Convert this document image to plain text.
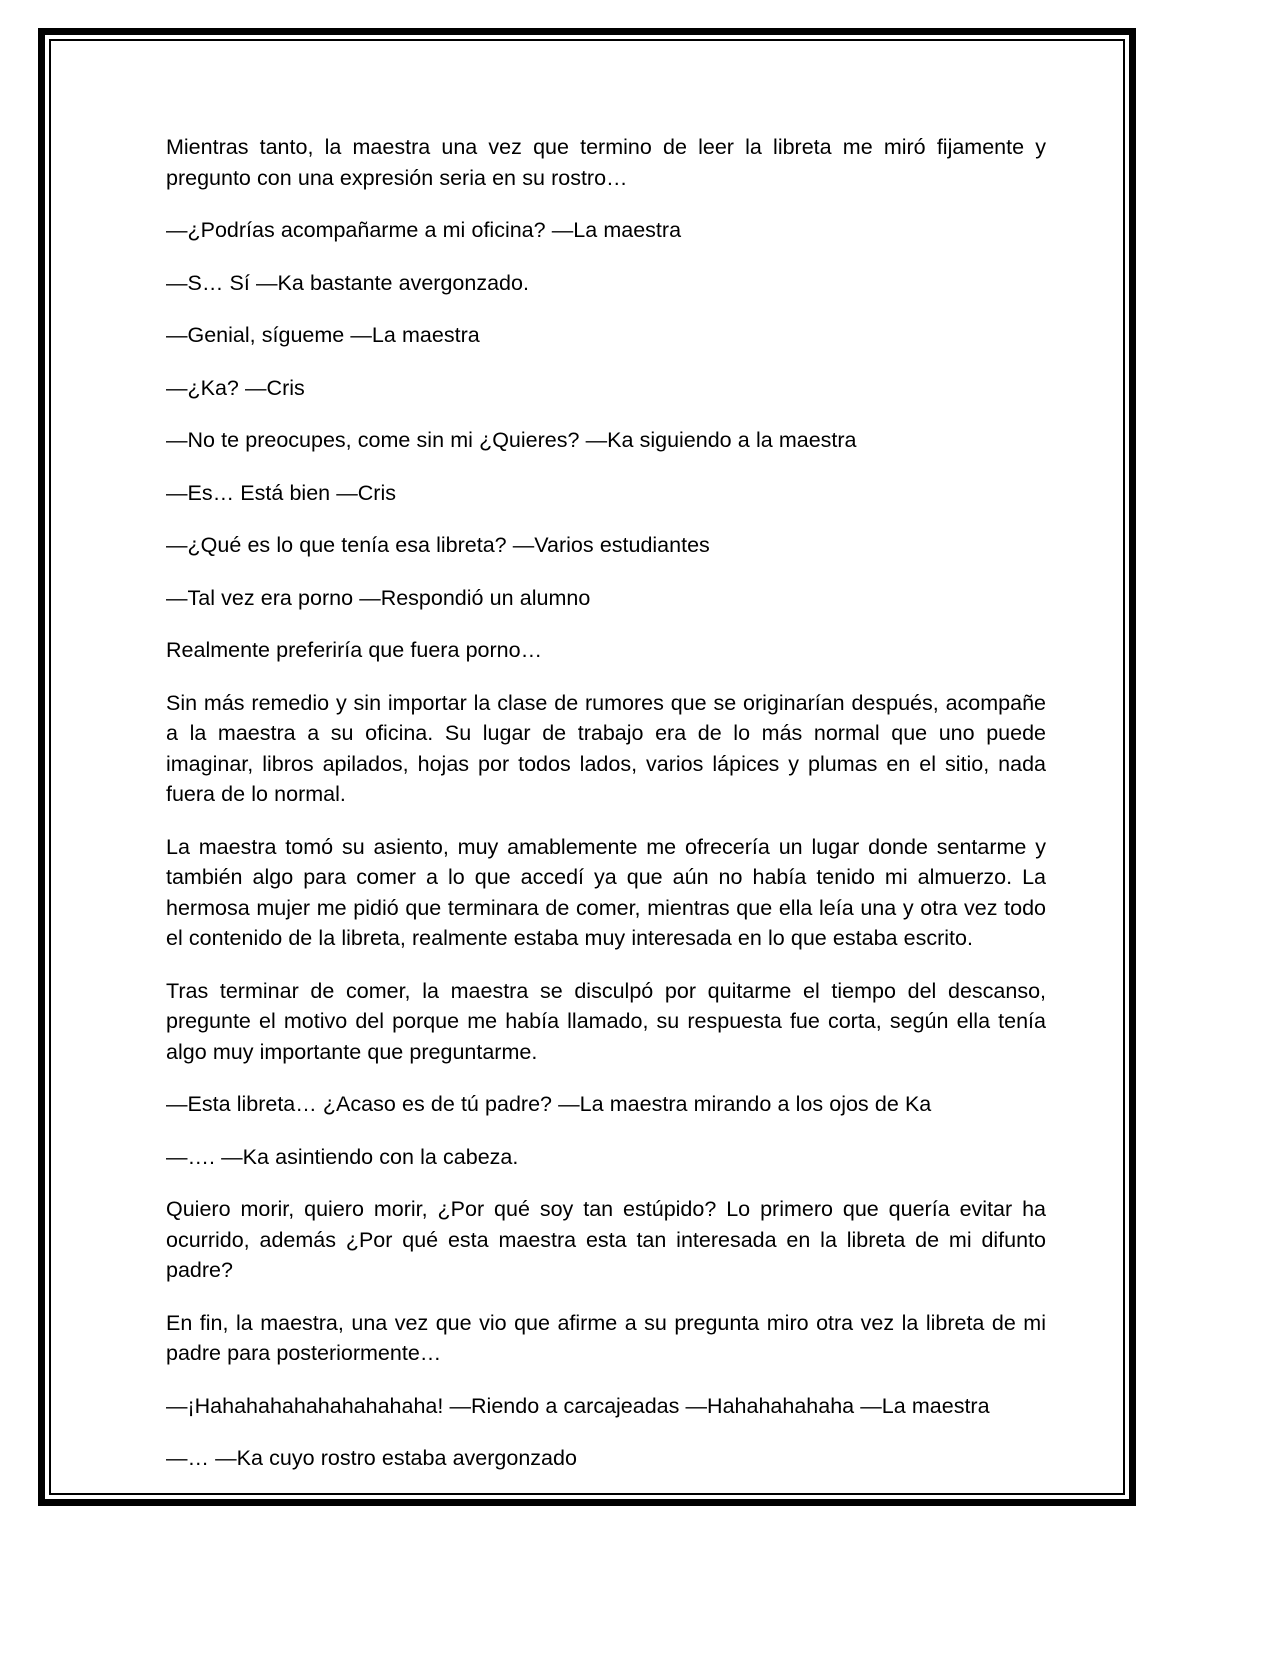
Mientras tanto, la maestra una vez que termino de leer la libreta me miró fijamente y pregunto con una expresión seria en su rostro…

—¿Podrías acompañarme a mi oficina? —La maestra

—S… Sí —Ka bastante avergonzado.

—Genial, sígueme —La maestra

—¿Ka? —Cris

—No te preocupes, come sin mi ¿Quieres? —Ka siguiendo a la maestra

—Es… Está bien —Cris

—¿Qué es lo que tenía esa libreta? —Varios estudiantes

—Tal vez era porno —Respondió un alumno

Realmente preferiría que fuera porno…

Sin más remedio y sin importar la clase de rumores que se originarían después, acompañe a la maestra a su oficina. Su lugar de trabajo era de lo más normal que uno puede imaginar, libros apilados, hojas por todos lados, varios lápices y plumas en el sitio, nada fuera de lo normal.

La maestra tomó su asiento, muy amablemente me ofrecería un lugar donde sentarme y también algo para comer a lo que accedí ya que aún no había tenido mi almuerzo. La hermosa mujer me pidió que terminara de comer, mientras que ella leía una y otra vez todo el contenido de la libreta, realmente estaba muy interesada en lo que estaba escrito.

Tras terminar de comer, la maestra se disculpó por quitarme el tiempo del descanso, pregunte el motivo del porque me había llamado, su respuesta fue corta, según ella tenía algo muy importante que preguntarme.

—Esta libreta… ¿Acaso es de tú padre? —La maestra mirando a los ojos de Ka

—…. —Ka asintiendo con la cabeza.

Quiero morir, quiero morir, ¿Por qué soy tan estúpido? Lo primero que quería evitar ha ocurrido, además ¿Por qué esta maestra esta tan interesada en la libreta de mi difunto padre?

En fin, la maestra, una vez que vio que afirme a su pregunta miro otra vez la libreta de mi padre para posteriormente…

—¡Hahahahahahahahahaha! —Riendo a carcajeadas —Hahahahahaha —La maestra

—… —Ka cuyo rostro estaba avergonzado
